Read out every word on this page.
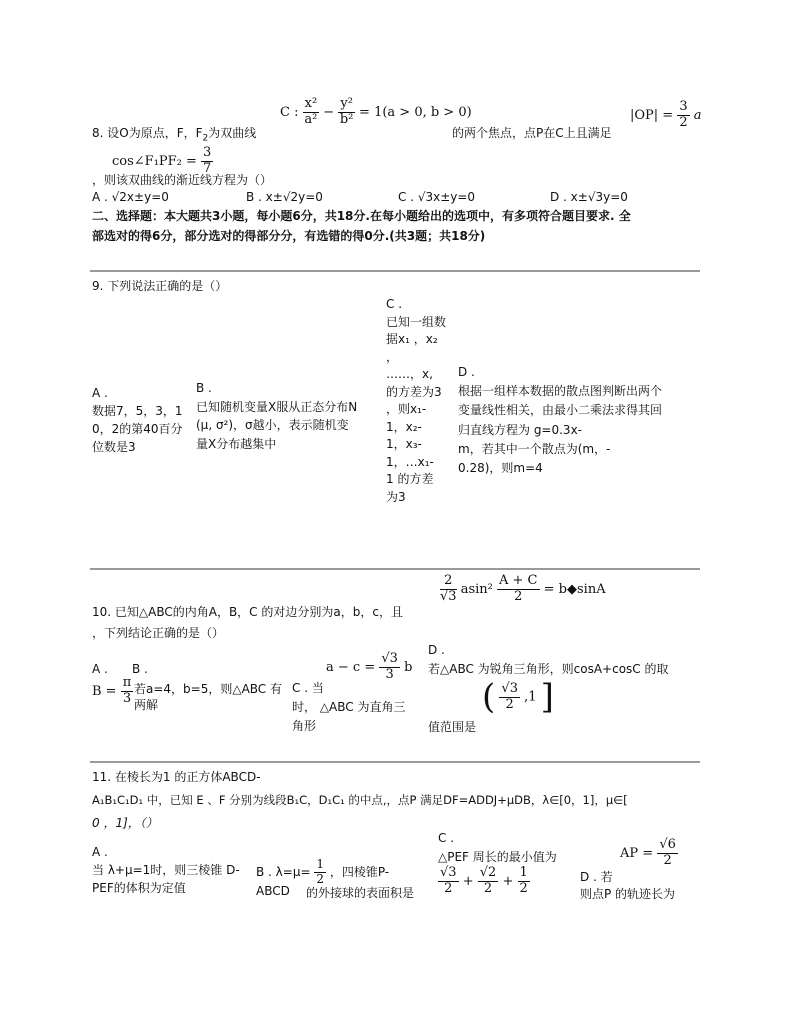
C : $\frac{\text{x²}}{\text{a²}} - \frac{\text{y²}}{\text{b²}} = 1(a > 0$, b > 0)
8. 设O为原点，F，$F_2$为双曲线	的两个焦点，点P在C上且满足
$|OP| = \frac{3}{2}$ a
cos∠F₁PF₂ = $\frac{3}{7}$
，则该双曲线的渐近线方程为（）
A . √2x±y=0	B . x±√2y=0	C . √3x±y=0	D . x±√3y=0
二、选择题：本大题共3小题，每小题6分，共18分.在每小题给出的选项中，有多项符合题目要求. 全
部选对的得6分，部分选对的得部分分，有选错的得0分.(共3题；共18分)
9. 下列说法正确的是（）
A .
数据7，5，3，1
0，2的第40百分
位数是3
B .
已知随机变量X服从正态分布N
(μ, σ²)，σ越小，表示随机变
量X分布越集中
C .
已知一组数
据x₁ ，x₂
，
……，x,
的方差为3
，则x₁-
1，x₂-
1，x₃-
1，…x₁-
1 的方差
为3
D .
根据一组样本数据的散点图判断出两个
变量线性相关，由最小二乘法求得其回
归直线方程为 g=0.3x-
m，若其中一个散点为(m，-
0.28)，则m=4
$\frac{2}{√3} asin^2 \frac{A + C}{2}$ = b◆sinA
10. 已知△ABC的内角A，B，C 的对边分别为a，b，c，且
，下列结论正确的是（）
A . B .
$B = \frac{\pi}{3}$ 若a=4，b=5，则△ABC 有
两解
$a - c = \frac{√3}{3}$ b
C . 当
时， △ABC 为直角三
角形
D .
若△ABC 为锐角三角形，则cosA+cosC 的取
值范围是
( $\frac{√3}{2} ,1$ ]
11. 在棱长为1 的正方体ABCD-
A₁B₁C₁D₁ 中，已知 E 、F 分别为线段B₁C，D₁C₁ 的中点,，点P 满足DF=ADDJ+μDB，λ∈[0，1]，μ∈[
0 ，1]，（）
A .
当 λ+μ=1时，则三棱锥 D-
PEF的体积为定值
B . $\lambda=\mu= \frac{1}{2}$ ，四棱锥P-
ABCD 的外接球的表面积是
C .
△PEF 周长的最小值为
$\frac{√3}{2} + \frac{√2}{2} + \frac{1}{2}$
AP = $\frac{√6}{2}$
D . 若
则点P 的轨迹长为
